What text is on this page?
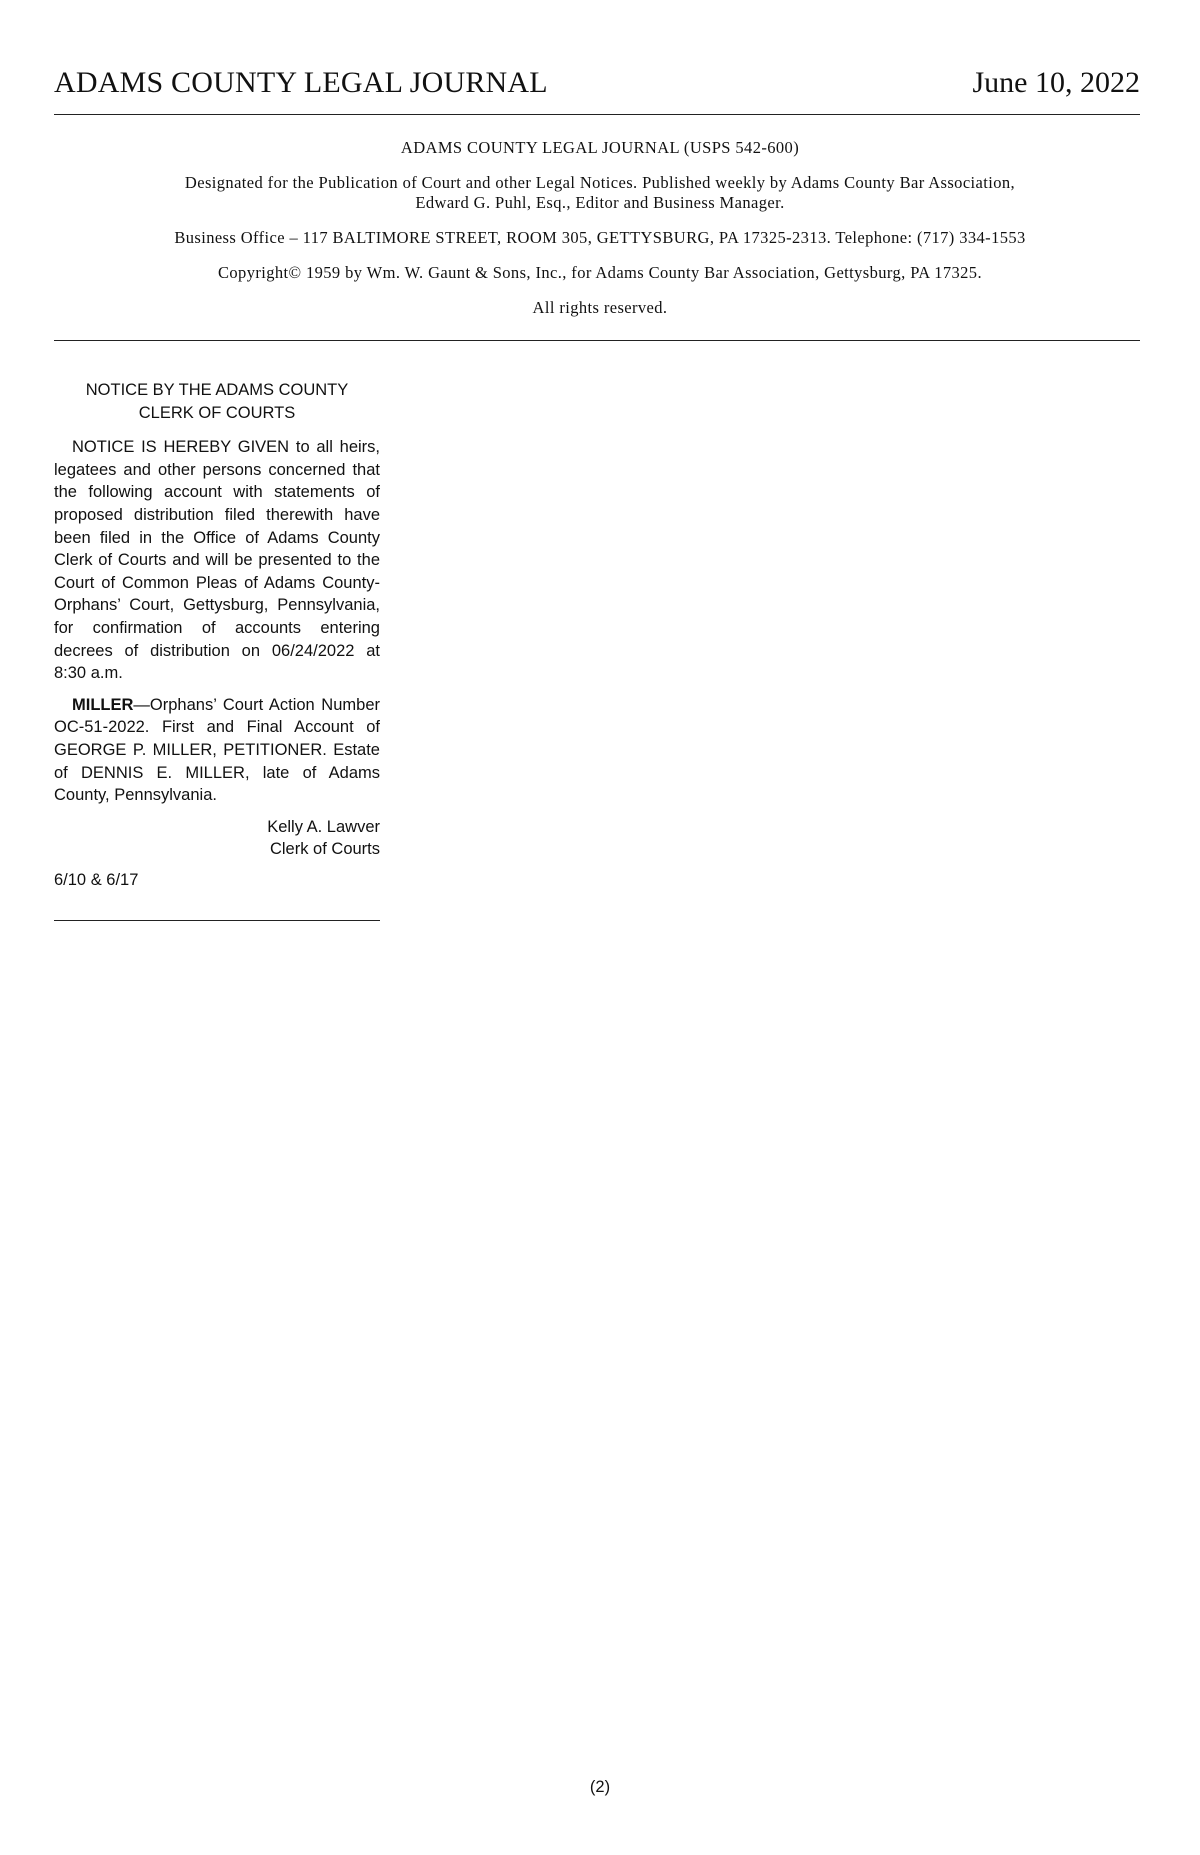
ADAMS COUNTY LEGAL JOURNAL	June 10, 2022

ADAMS COUNTY LEGAL JOURNAL (USPS 542-600)

Designated for the Publication of Court and other Legal Notices. Published weekly by Adams County Bar Association,
Edward G. Puhl, Esq., Editor and Business Manager.

Business Office – 117 BALTIMORE STREET, ROOM 305, GETTYSBURG, PA 17325-2313. Telephone: (717) 334-1553

Copyright© 1959 by Wm. W. Gaunt & Sons, Inc., for Adams County Bar Association, Gettysburg, PA 17325.

All rights reserved.

NOTICE BY THE ADAMS COUNTY
CLERK OF COURTS

NOTICE IS HEREBY GIVEN to all heirs, legatees and other persons concerned that the following account with statements of proposed distribution filed therewith have been filed in the Office of Adams County Clerk of Courts and will be presented to the Court of Common Pleas of Adams County-Orphans’ Court, Gettysburg, Pennsylvania, for confirmation of accounts entering decrees of distribution on 06/24/2022 at 8:30 a.m.

MILLER—Orphans’ Court Action Number OC-51-2022. First and Final Account of GEORGE P. MILLER, PETITIONER. Estate of DENNIS E. MILLER, late of Adams County, Pennsylvania.

Kelly A. Lawver
Clerk of Courts
6/10 & 6/17
(2)
